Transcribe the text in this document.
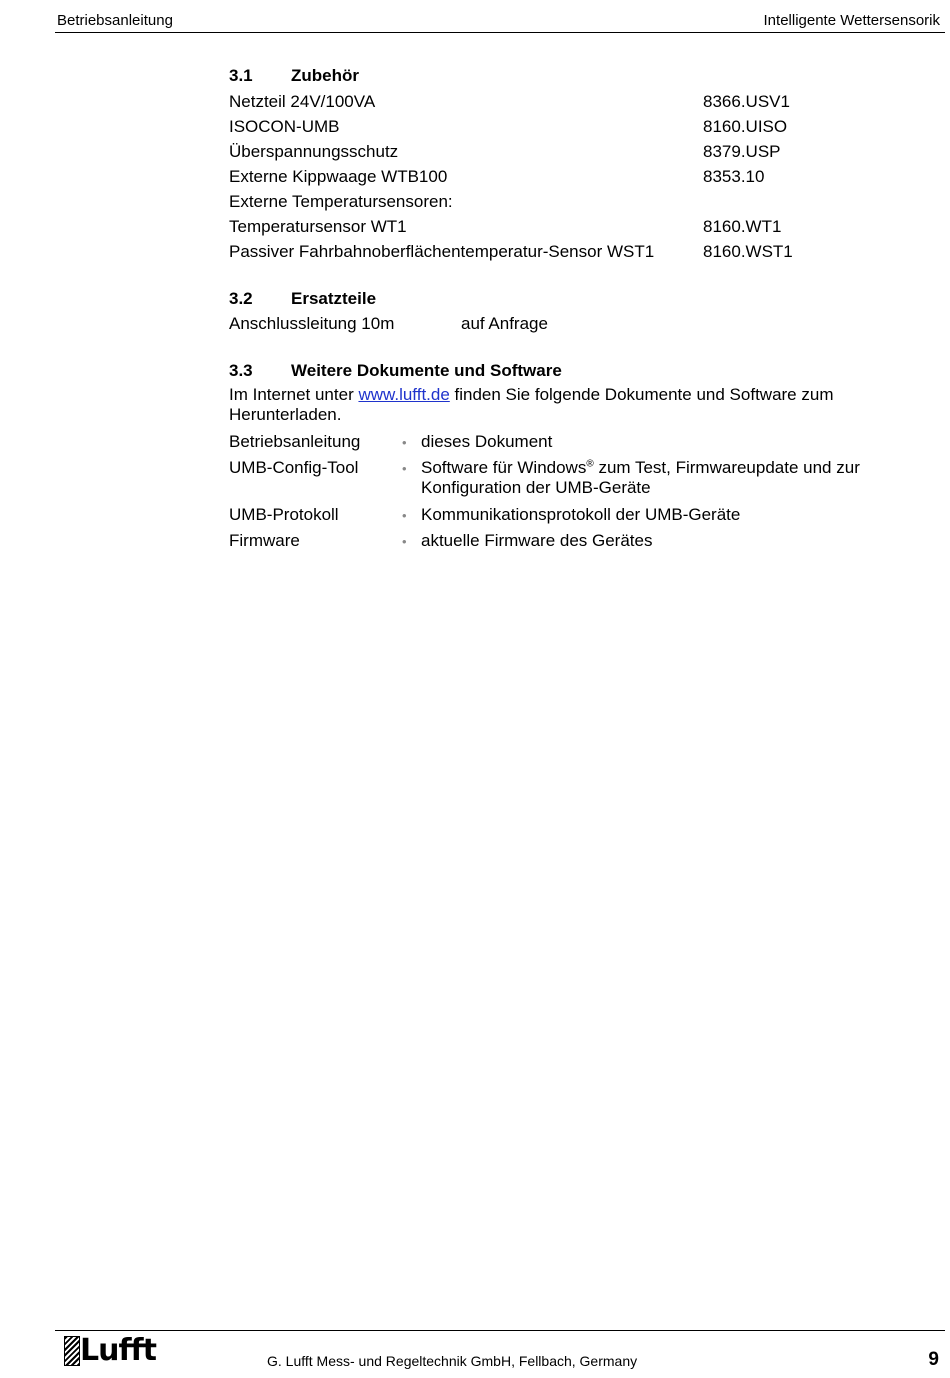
Betriebsanleitung	Intelligente Wettersensorik
3.1 Zubehör
Netzteil 24V/100VA	8366.USV1
ISOCON-UMB	8160.UISO
Überspannungsschutz	8379.USP
Externe Kippwaage WTB100	8353.10
Externe Temperatursensoren:
Temperatursensor WT1	8160.WT1
Passiver Fahrbahnoberflächentemperatur-Sensor WST1	8160.WST1
3.2 Ersatzteile
Anschlussleitung 10m	auf Anfrage
3.3 Weitere Dokumente und Software
Im Internet unter www.lufft.de finden Sie folgende Dokumente und Software zum Herunterladen.
Betriebsanleitung	• dieses Dokument
UMB-Config-Tool	• Software für Windows® zum Test, Firmwareupdate und zur Konfiguration der UMB-Geräte
UMB-Protokoll	• Kommunikationsprotokoll der UMB-Geräte
Firmware	• aktuelle Firmware des Gerätes
Lufft	G. Lufft Mess- und Regeltechnik GmbH, Fellbach, Germany	9
